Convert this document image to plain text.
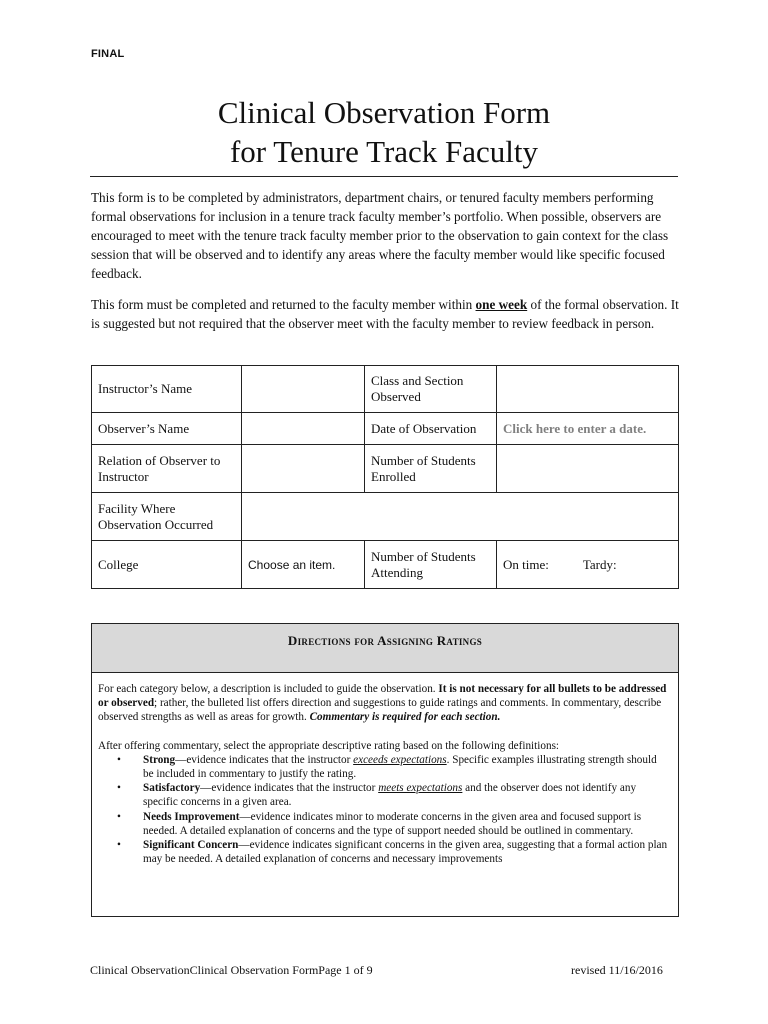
FINAL
Clinical Observation Form
for Tenure Track Faculty
This form is to be completed by administrators, department chairs, or tenured faculty members performing formal observations for inclusion in a tenure track faculty member’s portfolio. When possible, observers are encouraged to meet with the tenure track faculty member prior to the observation to gain context for the class session that will be observed and to identify any areas where the faculty member would like specific focused feedback.
This form must be completed and returned to the faculty member within one week of the formal observation. It is suggested but not required that the observer meet with the faculty member to review feedback in person.
Instructor’s Name		Class and Section Observed	
Observer’s Name		Date of Observation	Click here to enter a date.
Relation of Observer to Instructor		Number of Students Enrolled	
Facility Where Observation Occurred			
College	Choose an item.	Number of Students Attending	On time: Tardy:
Directions for Assigning Ratings

For each category below, a description is included to guide the observation. It is not necessary for all bullets to be addressed or observed; rather, the bulleted list offers direction and suggestions to guide ratings and comments. In commentary, describe observed strengths as well as areas for growth. Commentary is required for each section.

After offering commentary, select the appropriate descriptive rating based on the following definitions:

• Strong—evidence indicates that the instructor exceeds expectations. Specific examples illustrating strength should be included in commentary to justify the rating.
• Satisfactory—evidence indicates that the instructor meets expectations and the observer does not identify any specific concerns in a given area.
• Needs Improvement—evidence indicates minor to moderate concerns in the given area and focused support is needed. A detailed explanation of concerns and the type of support needed should be outlined in commentary.
• Significant Concern—evidence indicates significant concerns in the given area, suggesting that a formal action plan may be needed. A detailed explanation of concerns and necessary improvements
Clinical ObservationClinical Observation FormPage 1 of 9	revised 11/16/2016
